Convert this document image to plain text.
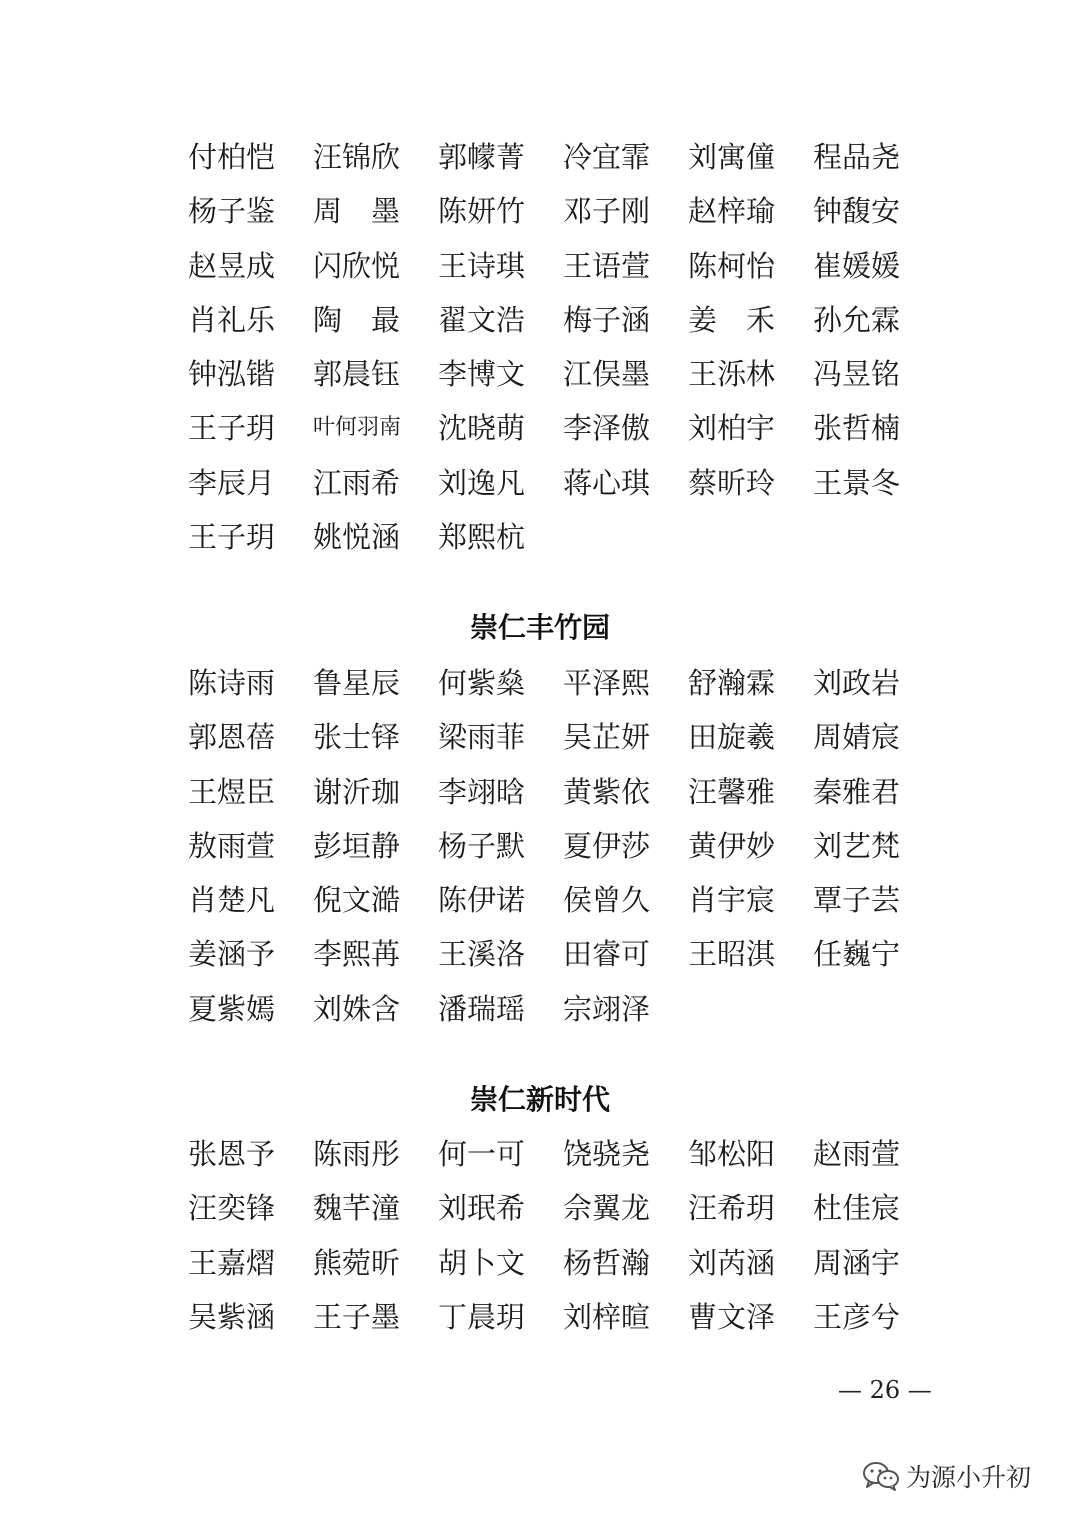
付柏恺	汪锦欣	郭幪菁	冷宜霏	刘寓僮	程品尧
杨子鉴	周　墨	陈妍竹	邓子刚	赵梓瑜	钟馥安
赵昱成	闪欣悦	王诗琪	王语萱	陈柯怡	崔媛媛
肖礼乐	陶　最	翟文浩	梅子涵	姜　禾	孙允霖
钟泓锴	郭晨钰	李博文	江俣墨	王泺林	冯昱铭
王子玥	叶何羽南	沈晓萌	李泽傲	刘柏宇	张哲楠
李辰月	江雨希	刘逸凡	蒋心琪	蔡昕玲	王景冬
王子玥	姚悦涵	郑熙杭
崇仁丰竹园
陈诗雨	鲁星辰	何紫燊	平泽熙	舒瀚霖	刘政岩
郭恩蓓	张士铎	梁雨菲	吴芷妍	田旋羲	周婧宸
王煜臣	谢沂珈	李翊晗	黄紫依	汪馨雅	秦雅君
敖雨萱	彭垣静	杨子默	夏伊莎	黄伊妙	刘艺梵
肖楚凡	倪文澔	陈伊诺	侯曾久	肖宇宸	覃子芸
姜涵予	李熙苒	王溪洛	田睿可	王昭淇	任巍宁
夏紫嫣	刘姝含	潘瑞瑶	宗翊泽
崇仁新时代
张恩予	陈雨彤	何一可	饶骁尧	邹松阳	赵雨萱
汪奕锋	魏芊潼	刘珉希	佘翼龙	汪希玥	杜佳宸
王嘉熠	熊菀昕	胡卜文	杨哲瀚	刘芮涵	周涵宇
吴紫涵	王子墨	丁晨玥	刘梓暄	曹文泽	王彦兮
— 26 —
为源小升初
